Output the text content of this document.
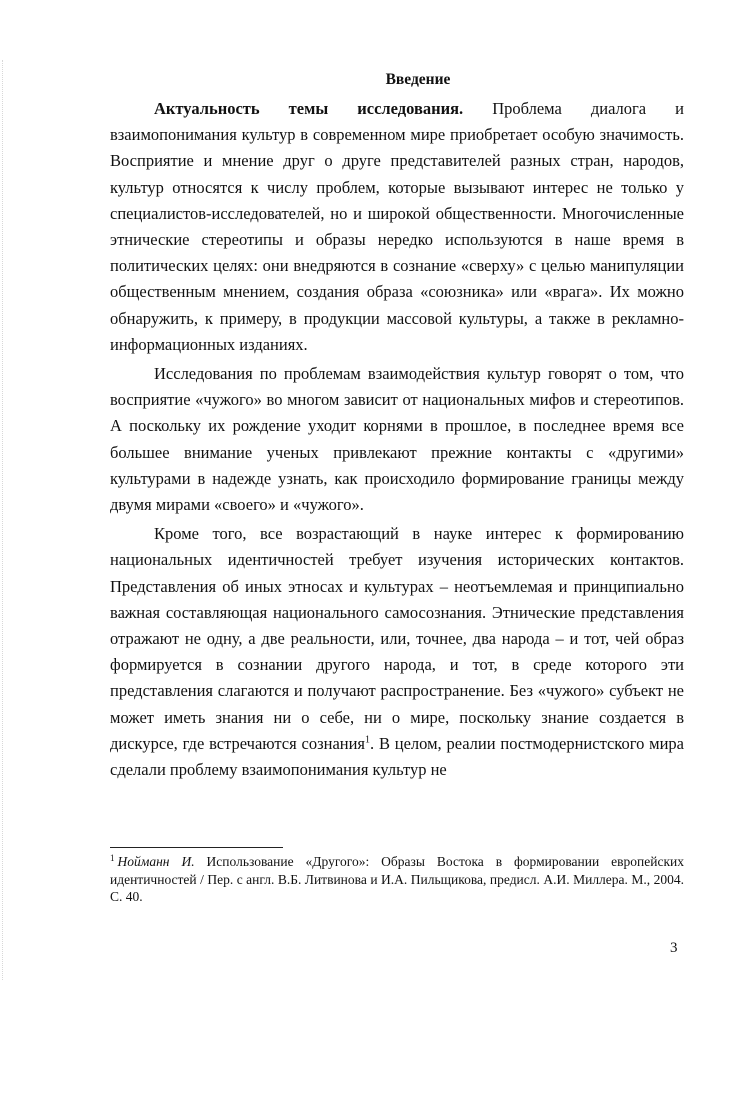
Введение

Актуальность темы исследования. Проблема диалога и взаимопонимания культур в современном мире приобретает особую значимость. Восприятие и мнение друг о друге представителей разных стран, народов, культур относятся к числу проблем, которые вызывают интерес не только у специалистов-исследователей, но и широкой общественности. Многочисленные этнические стереотипы и образы нередко используются в наше время в политических целях: они внедряются в сознание «сверху» с целью манипуляции общественным мнением, создания образа «союзника» или «врага». Их можно обнаружить, к примеру, в продукции массовой культуры, а также в рекламно-информационных изданиях.

Исследования по проблемам взаимодействия культур говорят о том, что восприятие «чужого» во многом зависит от национальных мифов и стереотипов. А поскольку их рождение уходит корнями в прошлое, в последнее время все большее внимание ученых привлекают прежние контакты с «другими» культурами в надежде узнать, как происходило формирование границы между двумя мирами «своего» и «чужого».

Кроме того, все возрастающий в науке интерес к формированию национальных идентичностей требует изучения исторических контактов. Представления об иных этносах и культурах – неотъемлемая и принципиально важная составляющая национального самосознания. Этнические представления отражают не одну, а две реальности, или, точнее, два народа – и тот, чей образ формируется в сознании другого народа, и тот, в среде которого эти представления слагаются и получают распространение. Без «чужого» субъект не может иметь знания ни о себе, ни о мире, поскольку знание создается в дискурсе, где встречаются сознания$^1$. В целом, реалии постмодернистского мира сделали проблему взаимопонимания культур не

$^1$ Нойманн И. Использование «Другого»: Образы Востока в формировании европейских идентичностей / Пер. с англ. В.Б. Литвинова и И.А. Пильщикова, предисл. А.И. Миллера. М., 2004. С. 40.
3
